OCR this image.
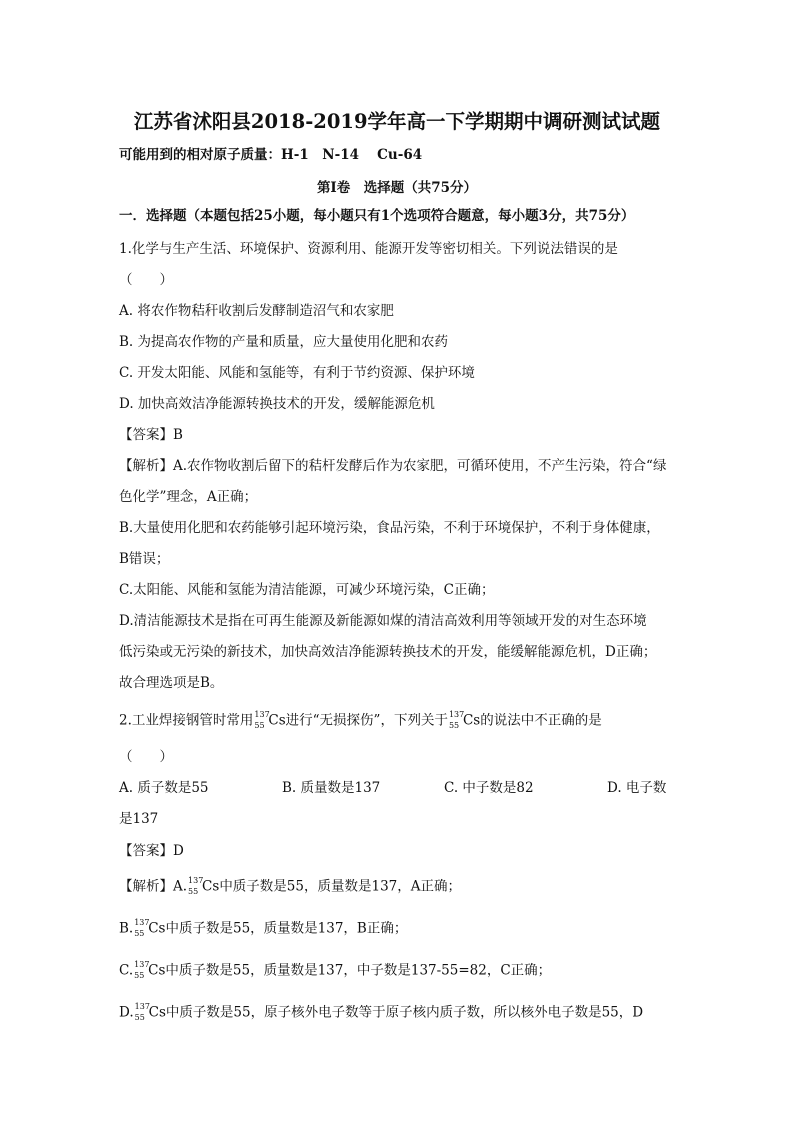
江苏省沭阳县2018-2019学年高一下学期期中调研测试试题
可能用到的相对原子质量：H-1　N-14　 Cu-64
第Ⅰ卷　选择题（共75分）
一．选择题（本题包括25小题，每小题只有1个选项符合题意，每小题3分，共75分）
1.化学与生产生活、环境保护、资源利用、能源开发等密切相关。下列说法错误的是
（　　）
A. 将农作物秸秆收割后发酵制造沼气和农家肥
B. 为提高农作物的产量和质量，应大量使用化肥和农药
C. 开发太阳能、风能和氢能等，有利于节约资源、保护环境
D. 加快高效洁净能源转换技术的开发，缓解能源危机
【答案】B
【解析】A.农作物收割后留下的秸杆发酵后作为农家肥，可循环使用，不产生污染，符合“绿
色化学”理念，A正确；
B.大量使用化肥和农药能够引起环境污染，食品污染，不利于环境保护，不利于身体健康，
B错误；
C.太阳能、风能和氢能为清洁能源，可减少环境污染，C正确；
D.清洁能源技术是指在可再生能源及新能源如煤的清洁高效利用等领域开发的对生态环境
低污染或无污染的新技术，加快高效洁净能源转换技术的开发，能缓解能源危机，D正确；
故合理选项是B。
2.工业焊接钢管时常用 137
55 Cs进行“无损探伤”，下列关于 137
55 Cs的说法中不正确的是
（　　）
A. 质子数是55	B. 质量数是137	C. 中子数是82	D. 电子数
是137
【答案】D
【解析】A. 137
55 Cs中质子数是55，质量数是137，A正确；
B. 137
55 Cs中质子数是55，质量数是137，B正确；
C. 137
55 Cs中质子数是55，质量数是137，中子数是137-55=82，C正确；
D. 137
55 Cs中质子数是55，原子核外电子数等于原子核内质子数，所以核外电子数是55，D
